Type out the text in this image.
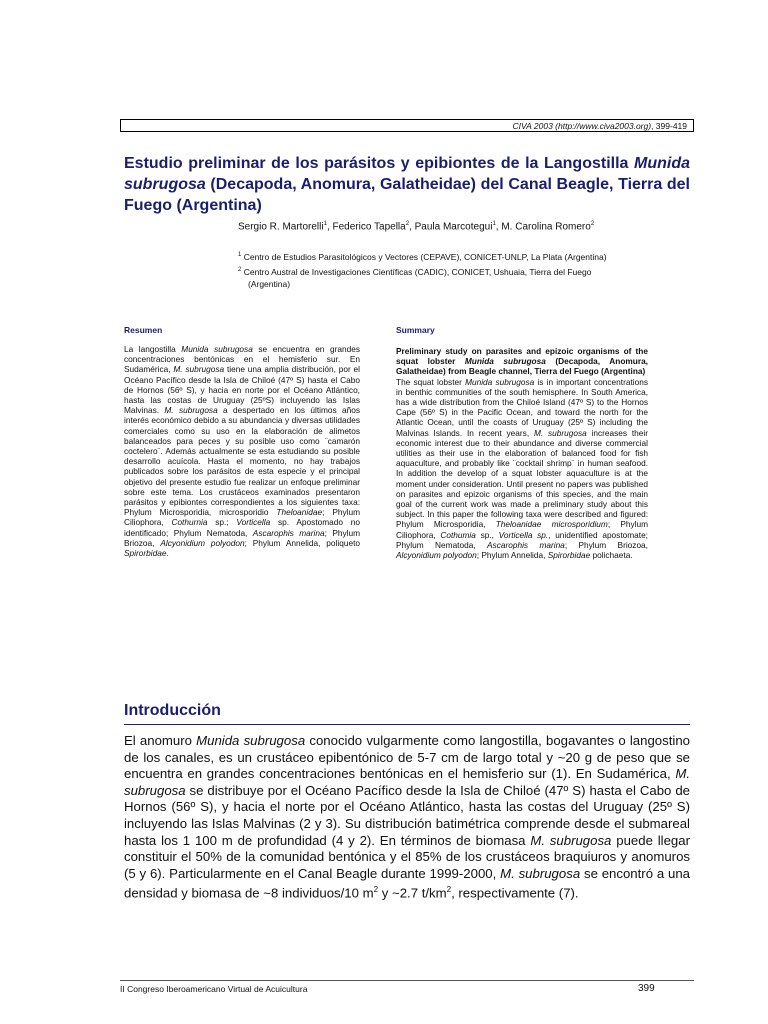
CIVA 2003 (http://www.civa2003.org), 399-419
Estudio preliminar de los parásitos y epibiontes de la Langostilla Munida subrugosa (Decapoda, Anomura, Galatheidae) del Canal Beagle, Tierra del Fuego (Argentina)
Sergio R. Martorelli$^1$, Federico Tapella$^2$, Paula Marcotegui$^1$, M. Carolina Romero$^2$
$^1$ Centro de Estudios Parasitológicos y Vectores (CEPAVE), CONICET-UNLP, La Plata (Argentina)
$^2$ Centro Austral de Investigaciones Científicas (CADIC), CONICET, Ushuaia, Tierra del Fuego
(Argentina)
Resumen	Summary
La langostilla Munida subrugosa se encuentra en grandes concentraciones bentónicas en el hemisferio sur. En Sudamérica, M. subrugosa tiene una amplia distribución, por el Océano Pacífico desde la Isla de Chiloé (47º S) hasta el Cabo de Hornos (56º S), y hacia en norte por el Océano Atlántico, hasta las costas de Uruguay (25ºS) incluyendo las Islas Malvinas. M. subrugosa a despertado en los últimos años interés económico debido a su abundancia y diversas utilidades comerciales como su uso en la elaboración de alimetos balanceados para peces y su posible uso como ¨camarón coctelero¨. Además actualmente se esta estudiando su posible desarrollo acuícola. Hasta el momento, no hay trabajos publicados sobre los parásitos de esta especie y el principal objetivo del presente estudio fue realizar un enfoque preliminar sobre este tema. Los crustáceos examinados presentaron parásitos y epibiontes correspondientes a los siguientes taxa: Phylum Microsporidia, microsporidio Theloanidae; Phylum Ciliophora, Cothurnia sp.; Vorticella sp. Apostomado no identificado; Phylum Nematoda, Ascarophis marina; Phylum Briozoa, Alcyonidium polyodon; Phylum Annelida, poliqueto Spirorbidae.
Preliminary study on parasites and epizoic organisms of the squat lobster Munida subrugosa (Decapoda, Anomura, Galatheidae) from Beagle channel, Tierra del Fuego (Argentina)
The squat lobster Munida subrugosa is in important concentrations in benthic communities of the south hemisphere. In South America, has a wide distribution from the Chiloé Island (47º S) to the Hornos Cape (56º S) in the Pacific Ocean, and toward the north for the Atlantic Ocean, until the coasts of Uruguay (25º S) including the Malvinas Islands. In recent years, M. subrugosa increases their economic interest due to their abundance and diverse commercial utilities as their use in the elaboration of balanced food for fish aquaculture, and probably like ¨cocktail shrimp¨ in human seafood. In addition the develop of a squat lobster aquaculture is at the moment under consideration. Until present no papers was published on parasites and epizoic organisms of this species, and the main goal of the current work was made a preliminary study about this subject. In this paper the following taxa were described and figured: Phylum Microsporidia, Theloanidae microsporidium; Phylum Ciliophora, Cothumia sp., Vorticella sp., unidentified apostomate; Phylum Nematoda, Ascarophis marina; Phylum Briozoa, Alcyonidium polyodon; Phylum Annelida, Spirorbidae polichaeta.
Introducción
El anomuro Munida subrugosa conocido vulgarmente como langostilla, bogavantes o langostino de los canales, es un crustáceo epibentónico de 5-7 cm de largo total y ~20 g de peso que se encuentra en grandes concentraciones bentónicas en el hemisferio sur (1). En Sudamérica, M. subrugosa se distribuye por el Océano Pacífico desde la Isla de Chiloé (47º S) hasta el Cabo de Hornos (56º S), y hacia el norte por el Océano Atlántico, hasta las costas del Uruguay (25º S) incluyendo las Islas Malvinas (2 y 3). Su distribución batimétrica comprende desde el submareal hasta los 1 100 m de profundidad (4 y 2). En términos de biomasa M. subrugosa puede llegar constituir el 50% de la comunidad bentónica y el 85% de los crustáceos braquiuros y anomuros (5 y 6). Particularmente en el Canal Beagle durante 1999-2000, M. subrugosa se encontró a una densidad y biomasa de ~8 individuos/10 $m^2$ y ~2.7 $t/km^2$, respectivamente (7).
II Congreso Iberoamericano Virtual de Acuicultura	399
